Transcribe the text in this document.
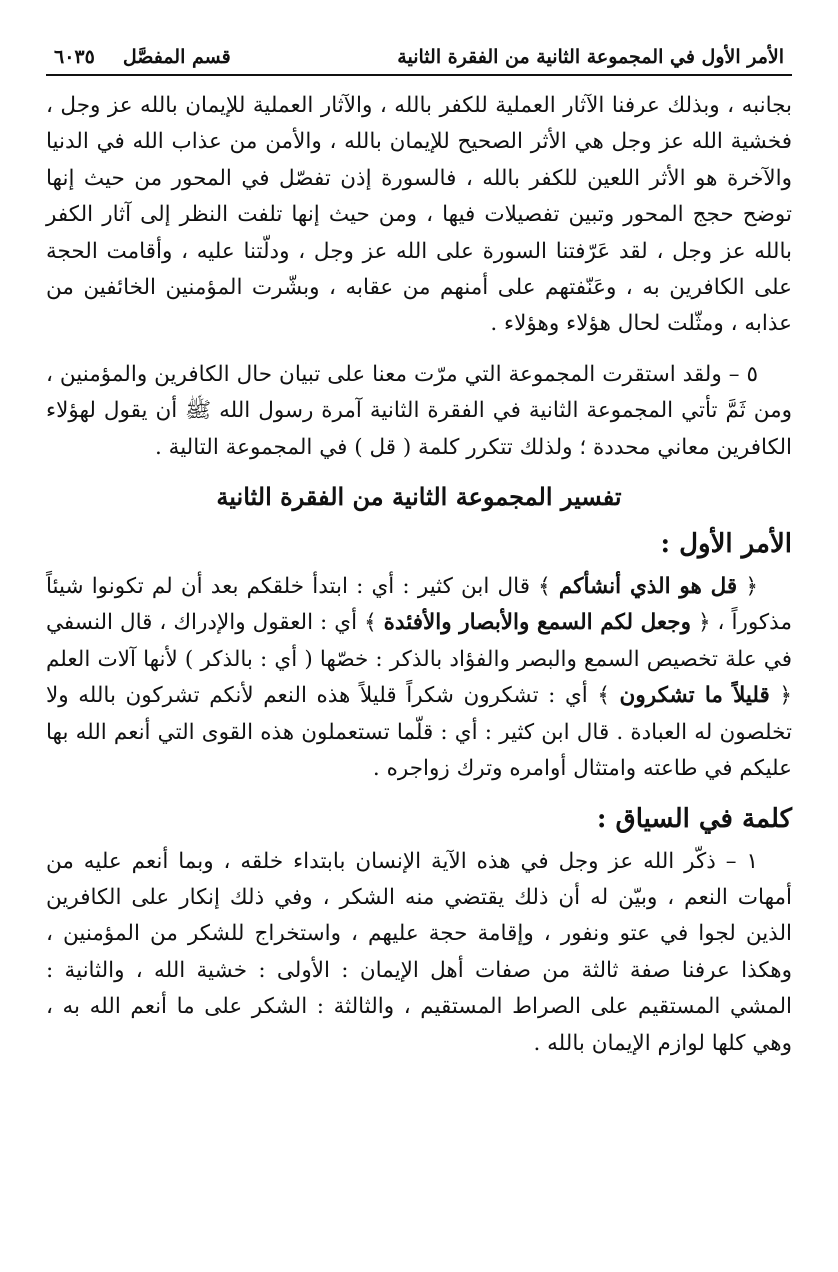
الأمر الأول في المجموعة الثانية من الفقرة الثانية
قسم المفصَّل
٦٠٣٥

بجانبه ، وبذلك عرفنا الآثار العملية للكفر بالله ، والآثار العملية للإيمان بالله عز وجل ، فخشية الله عز وجل هي الأثر الصحيح للإيمان بالله ، والأمن من عذاب الله في الدنيا والآخرة هو الأثر اللعين للكفر بالله ، فالسورة إذن تفصّل في المحور من حيث إنها توضح حجج المحور وتبين تفصيلات فيها ، ومن حيث إنها تلفت النظر إلى آثار الكفر بالله عز وجل ، لقد عَرّفتنا السورة على الله عز وجل ، ودلّتنا عليه ، وأقامت الحجة على الكافرين به ، وعَنّفتهم على أمنهم من عقابه ، وبشّرت المؤمنين الخائفين من عذابه ، ومثّلت لحال هؤلاء وهؤلاء .

٥ – ولقد استقرت المجموعة التي مرّت معنا على تبيان حال الكافرين والمؤمنين ، ومن ثَمَّ تأتي المجموعة الثانية في الفقرة الثانية آمرة رسول الله ﷺ أن يقول لهؤلاء الكافرين معاني محددة ؛ ولذلك تتكرر كلمة ( قل ) في المجموعة التالية .

تفسير المجموعة الثانية من الفقرة الثانية
الأمر الأول :

﴿ قل هو الذي أنشأكم ﴾ قال ابن كثير : أي : ابتدأ خلقكم بعد أن لم تكونوا شيئاً مذكوراً ، ﴿ وجعل لكم السمع والأبصار والأفئدة ﴾ أي : العقول والإدراك ، قال النسفي في علة تخصيص السمع والبصر والفؤاد بالذكر : خصّها ( أي : بالذكر ) لأنها آلات العلم ﴿ قليلاً ما تشكرون ﴾ أي : تشكرون شكراً قليلاً هذه النعم لأنكم تشركون بالله ولا تخلصون له العبادة . قال ابن كثير : أي : قلّما تستعملون هذه القوى التي أنعم الله بها عليكم في طاعته وامتثال أوامره وترك زواجره .

كلمة في السياق :

١ – ذكّر الله عز وجل في هذه الآية الإنسان بابتداء خلقه ، وبما أنعم عليه من أمهات النعم ، وبيّن له أن ذلك يقتضي منه الشكر ، وفي ذلك إنكار على الكافرين الذين لجوا في عتو ونفور ، وإقامة حجة عليهم ، واستخراج للشكر من المؤمنين ، وهكذا عرفنا صفة ثالثة من صفات أهل الإيمان : الأولى : خشية الله ، والثانية : المشي المستقيم على الصراط المستقيم ، والثالثة : الشكر على ما أنعم الله به ، وهي كلها لوازم الإيمان بالله .
